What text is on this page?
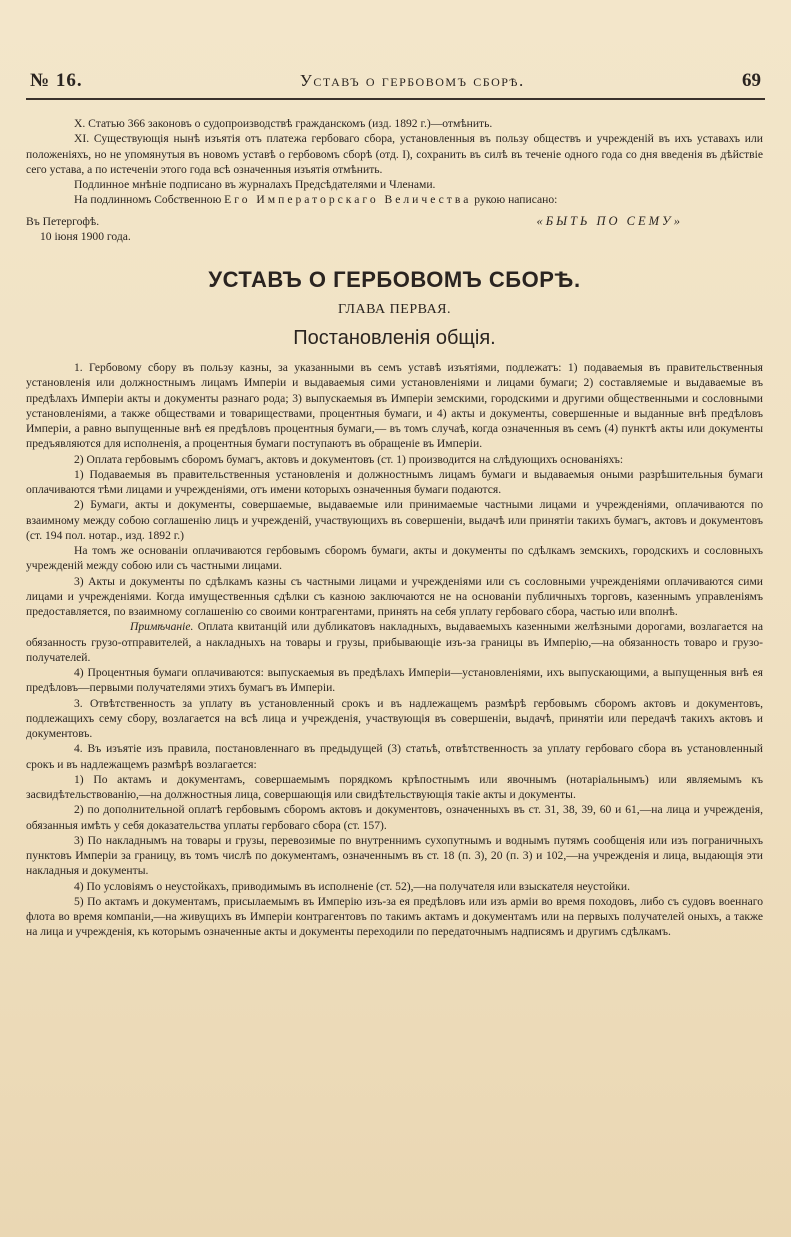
№ 16.	Уставъ о гербовомъ сборѣ.	69

X. Статью 366 законовъ о судопроизводствѣ гражданскомъ (изд. 1892 г.)—отмѣнить.

XI. Существующія нынѣ изъятія отъ платежа гербоваго сбора, установленныя въ пользу обществъ и учрежденій въ ихъ уставахъ или положеніяхъ, но не упомянутыя въ новомъ уставѣ о гербовомъ сборѣ (отд. I), сохранить въ силѣ въ теченіе одного года со дня введенія въ дѣйствіе сего устава, а по истеченіи этого года всѣ означенныя изъятія отмѣнить.

Подлинное мнѣніе подписано въ журналахъ Предсѣдателями и Членами.

На подлинномъ Собственною Его Императорскаго Величества рукою написано:

Въ Петергофѣ.
10 іюня 1900 года.
«БЫТЬ ПО СЕМУ»
УСТАВЪ О ГЕРБОВОМЪ СБОРѢ.
ГЛАВА ПЕРВАЯ.
Постановленія общія.

1. Гербовому сбору въ пользу казны, за указанными въ семъ уставѣ изъятіями, подлежатъ: 1) подаваемыя въ правительственныя установленія или должностнымъ лицамъ Имперіи и выдаваемыя сими установленіями и лицами бумаги; 2) составляемые и выдаваемые въ предѣлахъ Имперіи акты и документы разнаго рода; 3) выпускаемыя въ Имперіи земскими, городскими и другими общественными и сословными установленіями, а также обществами и товариществами, процентныя бумаги, и 4) акты и документы, совершенные и выданные внѣ предѣловъ Имперіи, а равно выпущенные внѣ ея предѣловъ процентныя бумаги,— въ томъ случаѣ, когда означенныя въ семъ (4) пунктѣ акты или документы предъявляются для исполненія, а процентныя бумаги поступаютъ въ обращеніе въ Имперіи.

2) Оплата гербовымъ сборомъ бумагъ, актовъ и документовъ (ст. 1) производится на слѣдующихъ основаніяхъ:

1) Подаваемыя въ правительственныя установленія и должностнымъ лицамъ бумаги и выдаваемыя оными разрѣшительныя бумаги оплачиваются тѣми лицами и учрежденіями, отъ имени которыхъ означенныя бумаги подаются.

2) Бумаги, акты и документы, совершаемые, выдаваемые или принимаемые частными лицами и учрежденіями, оплачиваются по взаимному между собою соглашенію лицъ и учрежденій, участвующихъ въ совершеніи, выдачѣ или принятіи такихъ бумагъ, актовъ и документовъ (ст. 194 пол. нотар., изд. 1892 г.)

На томъ же основаніи оплачиваются гербовымъ сборомъ бумаги, акты и документы по сдѣлкамъ земскихъ, городскихъ и сословныхъ учрежденій между собою или съ частными лицами.

3) Акты и документы по сдѣлкамъ казны съ частными лицами и учрежденіями или съ сословными учрежденіями оплачиваются сими лицами и учрежденіями. Когда имущественныя сдѣлки съ казною заключаются не на основаніи публичныхъ торговъ, казеннымъ управленіямъ предоставляется, по взаимному соглашенію со своими контрагентами, принять на себя уплату гербоваго сбора, частью или вполнѣ.

Примѣчаніе. Оплата квитанцій или дубликатовъ накладныхъ, выдаваемыхъ казенными желѣзными дорогами, возлагается на обязанность грузо-отправителей, а накладныхъ на товары и грузы, прибывающіе изъ-за границы въ Имперію,—на обязанность товаро и грузо-получателей.

4) Процентныя бумаги оплачиваются: выпускаемыя въ предѣлахъ Имперіи—установленіями, ихъ выпускающими, а выпущенныя внѣ ея предѣловъ—первыми получателями этихъ бумагъ въ Имперіи.

3. Отвѣтственность за уплату въ установленный срокъ и въ надлежащемъ размѣрѣ гербовымъ сборомъ актовъ и документовъ, подлежащихъ сему сбору, возлагается на всѣ лица и учрежденія, участвующія въ совершеніи, выдачѣ, принятіи или передачѣ такихъ актовъ и документовъ.

4. Въ изъятіе изъ правила, постановленнаго въ предыдущей (3) статьѣ, отвѣтственность за уплату гербоваго сбора въ установленный срокъ и въ надлежащемъ размѣрѣ возлагается:

1) По актамъ и документамъ, совершаемымъ порядкомъ крѣпостнымъ или явочнымъ (нотаріальнымъ) или являемымъ къ засвидѣтельствованію,—на должностныя лица, совершающія или свидѣтельствующія такіе акты и документы.

2) по дополнительной оплатѣ гербовымъ сборомъ актовъ и документовъ, означенныхъ въ ст. 31, 38, 39, 60 и 61,—на лица и учрежденія, обязанныя имѣть у себя доказательства уплаты гербоваго сбора (ст. 157).

3) По накладнымъ на товары и грузы, перевозимые по внутреннимъ сухопутнымъ и воднымъ путямъ сообщенія или изъ пограничныхъ пунктовъ Имперіи за границу, въ томъ числѣ по документамъ, означеннымъ въ ст. 18 (п. 3), 20 (п. 3) и 102,—на учрежденія и лица, выдающія эти накладныя и документы.

4) По условіямъ о неустойкахъ, приводимымъ въ исполненіе (ст. 52),—на получателя или взыскателя неустойки.

5) По актамъ и документамъ, присылаемымъ въ Имперію изъ-за ея предѣловъ или изъ арміи во время походовъ, либо съ судовъ военнаго флота во время компаніи,—на живущихъ въ Имперіи контрагентовъ по такимъ актамъ и документамъ или на первыхъ получателей оныхъ, а также на лица и учрежденія, къ которымъ означенные акты и документы переходили по передаточнымъ надписямъ и другимъ сдѣлкамъ.
